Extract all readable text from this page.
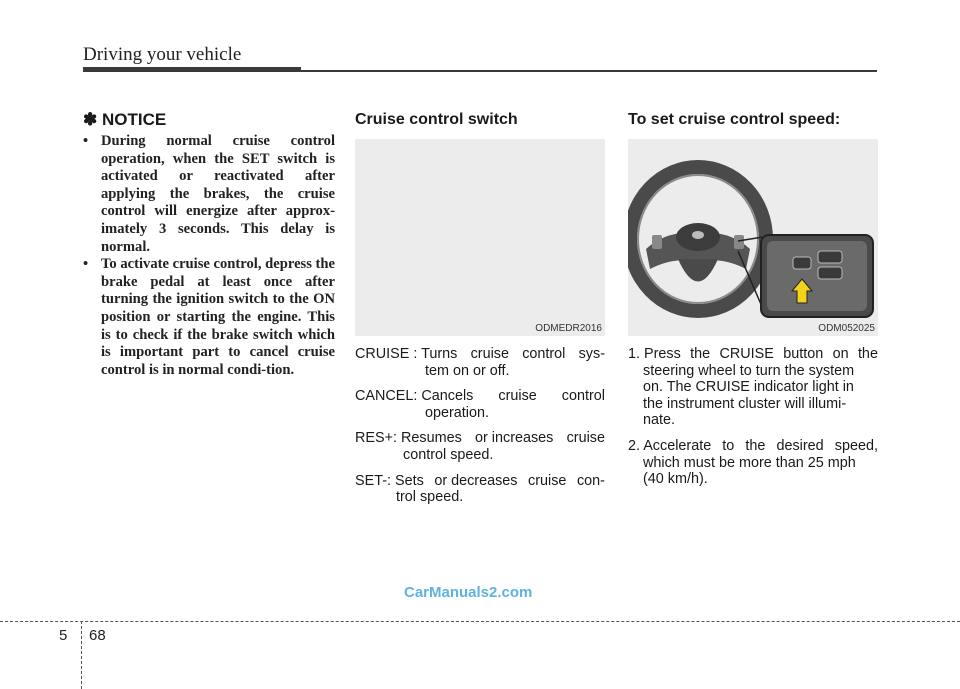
Driving your vehicle
✽ NOTICE
• During normal cruise control operation, when the SET switch is activated or reactivated after applying the brakes, the cruise control will energize after approx-imately 3 seconds. This delay is normal.
• To activate cruise control, depress the brake pedal at least once after turning the ignition switch to the ON position or starting the engine. This is to check if the brake switch which is important part to cancel cruise control is in normal condi-tion.
Cruise control switch
ODMEDR2016
CRUISE : Turns cruise control sys-
tem on or off.
CANCEL: Cancels cruise control
operation.
RES+: Resumes or increases cruise
control speed.
SET-: Sets or decreases cruise con-
trol speed.
To set cruise control speed:
ODM052025
1. Press the CRUISE button on the
steering wheel to turn the system
on. The CRUISE indicator light in
the instrument cluster will illumi-
nate.
2. Accelerate to the desired speed,
which must be more than 25 mph
(40 km/h).
CarManuals2.com
5 68
